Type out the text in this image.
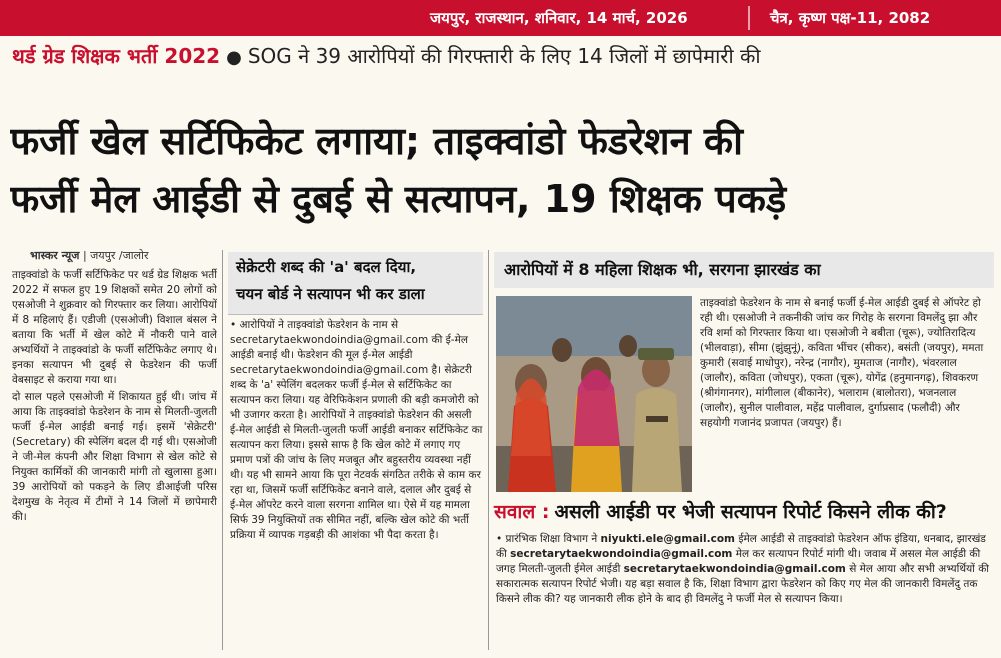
जयपुर, राजस्थान, शनिवार, 14 मार्च, 2026	चैत्र, कृष्ण पक्ष-11, 2082
थर्ड ग्रेड शिक्षक भर्ती 2022 ● SOG ने 39 आरोपियों की गिरफ्तारी के लिए 14 जिलों में छापेमारी की
फर्जी खेल सर्टिफिकेट लगाया; ताइक्वांडो फेडरेशन की
फर्जी मेल आईडी से दुबई से सत्यापन, 19 शिक्षक पकड़े
भास्कर न्यूज | जयपुर /जालोर

ताइक्वांडो के फर्जी सर्टिफिकेट पर थर्ड ग्रेड शिक्षक भर्ती 2022 में सफल हुए 19 शिक्षकों समेत 20 लोगों को एसओजी ने शुक्रवार को गिरफ्तार कर लिया। आरोपियों में 8 महिलाएं हैं। एडीजी (एसओजी) विशाल बंसल ने बताया कि भर्ती में खेल कोटे में नौकरी पाने वाले अभ्यर्थियों ने ताइक्वांडो के फर्जी सर्टिफिकेट लगाए थे। इनका सत्यापन भी दुबई से फेडरेशन की फर्जी वेबसाइट से कराया गया था।

दो साल पहले एसओजी में शिकायत हुई थी। जांच में आया कि ताइक्वांडो फेडरेशन के नाम से मिलती-जुलती फर्जी ई-मेल आईडी बनाई गई। इसमें 'सेक्रेटरी' (Secretary) की स्पेलिंग बदल दी गई थी। एसओजी ने जी-मेल कंपनी और शिक्षा विभाग से खेल कोटे से नियुक्त कार्मिकों की जानकारी मांगी तो खुलासा हुआ। 39 आरोपियों को पकड़ने के लिए डीआईजी परिस देशमुख के नेतृत्व में टीमों ने 14 जिलों में छापेमारी की।

सेक्रेटरी शब्द की 'a' बदल दिया,
चयन बोर्ड ने सत्यापन भी कर डाला

• आरोपियों ने ताइक्वांडो फेडरेशन के नाम से secretarytaekwondoindia@gmail.com की ई-मेल आईडी बनाई थी। फेडरेशन की मूल ई-मेल आईडी secretarytaekwondoindia@gmail.com है। सेक्रेटरी शब्द के 'a' स्पेलिंग बदलकर फर्जी ई-मेल से सर्टिफिकेट का सत्यापन करा लिया। यह वेरिफिकेशन प्रणाली की बड़ी कमजोरी को भी उजागर करता है। आरोपियों ने ताइक्वांडो फेडरेशन की असली ई-मेल आईडी से मिलती-जुलती फर्जी आईडी बनाकर सर्टिफिकेट का सत्यापन करा लिया। इससे साफ है कि खेल कोटे में लगाए गए प्रमाण पत्रों की जांच के लिए मजबूत और बहुस्तरीय व्यवस्था नहीं थी। यह भी सामने आया कि पूरा नेटवर्क संगठित तरीके से काम कर रहा था, जिसमें फर्जी सर्टिफिकेट बनाने वाले, दलाल और दुबई से ई-मेल ऑपरेट करने वाला सरगना शामिल था। ऐसे में यह मामला सिर्फ 39 नियुक्तियों तक सीमित नहीं, बल्कि खेल कोटे की भर्ती प्रक्रिया में व्यापक गड़बड़ी की आशंका भी पैदा करता है।

आरोपियों में 8 महिला शिक्षक भी, सरगना झारखंड का

ताइक्वांडो फेडरेशन के नाम से बनाई फर्जी ई-मेल आईडी दुबई से ऑपरेट हो रही थी। एसओजी ने तकनीकी जांच कर गिरोह के सरगना विमलेंदु झा और रवि शर्मा को गिरफ्तार किया था। एसओजी ने बबीता (चूरू), ज्योतिरादित्य (भीलवाड़ा), सीमा (झुंझुनूं), कविता भींचर (सीकर), बसंती (जयपुर), ममता कुमारी (सवाई माधोपुर), नरेन्द्र (नागौर), मुमताज (नागौर), भंवरलाल (जालौर), कविता (जोधपुर), एकता (चूरू), योगेंद्र (हनुमानगढ़), शिवकरण (श्रीगंगानगर), मांगीलाल (बीकानेर), भलाराम (बालोतरा), भजनलाल (जालौर), सुनील पालीवाल, महेंद्र पालीवाल, दुर्गाप्रसाद (फलौदी) और सहयोगी गजानंद प्रजापत (जयपुर) हैं।

सवाल : असली आईडी पर भेजी सत्यापन रिपोर्ट किसने लीक की?

• प्रारंभिक शिक्षा विभाग ने niyukti.ele@gmail.com ईमेल आईडी से ताइक्वांडो फेडरेशन ऑफ इंडिया, धनबाद, झारखंड की secretarytaekwondoindia@gmail.com मेल कर सत्यापन रिपोर्ट मांगी थी। जवाब में असल मेल आईडी की जगह मिलती-जुलती ईमेल आईडी secretarytaekwondoindia@gmail.com से मेल आया और सभी अभ्यर्थियों की सकारात्मक सत्यापन रिपोर्ट भेजी। यह बड़ा सवाल है कि, शिक्षा विभाग द्वारा फेडरेशन को किए गए मेल की जानकारी विमलेंदु तक किसने लीक की? यह जानकारी लीक होने के बाद ही विमलेंदु ने फर्जी मेल से सत्यापन किया।
